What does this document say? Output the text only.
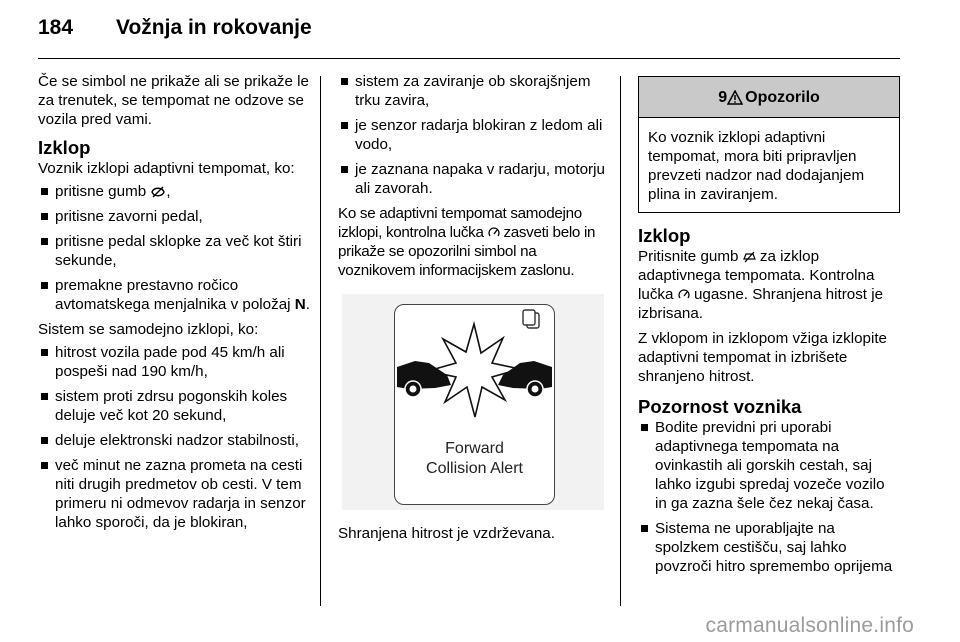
184	Vožnja in rokovanje

Če se simbol ne prikaže ali se prikaže le za trenutek, se tempomat ne odzove se vozila pred vami.

Izklop

Voznik izklopi adaptivni tempomat, ko:

pritisne gumb ,
pritisne zavorni pedal,
pritisne pedal sklopke za več kot štiri sekunde,
premakne prestavno ročico avtomatskega menjalnika v položaj N.

Sistem se samodejno izklopi, ko:

hitrost vozila pade pod 45 km/h ali pospeši nad 190 km/h,
sistem proti zdrsu pogonskih koles deluje več kot 20 sekund,
deluje elektronski nadzor stabilnosti,
več minut ne zazna prometa na cesti niti drugih predmetov ob cesti. V tem primeru ni odmevov radarja in senzor lahko sporoči, da je blokiran,
sistem za zaviranje ob skorajšnjem trku zavira,
je senzor radarja blokiran z ledom ali vodo,
je zaznana napaka v radarju, motorju ali zavorah.

Ko se adaptivni tempomat samodejno izklopi, kontrolna lučka zasveti belo in prikaže se opozorilni simbol na voznikovem informacijskem zaslonu.

Forward
Collision Alert

Shranjena hitrost je vzdrževana.

9 Opozorilo
Ko voznik izklopi adaptivni tempomat, mora biti pripravljen prevzeti nadzor nad dodajanjem plina in zaviranjem.
Izklop

Pritisnite gumb za izklop adaptivnega tempomata. Kontrolna lučka ugasne. Shranjena hitrost je izbrisana.

Z vklopom in izklopom vžiga izklopite adaptivni tempomat in izbrišete shranjeno hitrost.

Pozornost voznika
Bodite previdni pri uporabi adaptivnega tempomata na ovinkastih ali gorskih cestah, saj lahko izgubi spredaj vozeče vozilo in ga zazna šele čez nekaj časa.
Sistema ne uporabljajte na spolzkem cestišču, saj lahko povzroči hitro spremembo oprijema
carmanualsonline.info
